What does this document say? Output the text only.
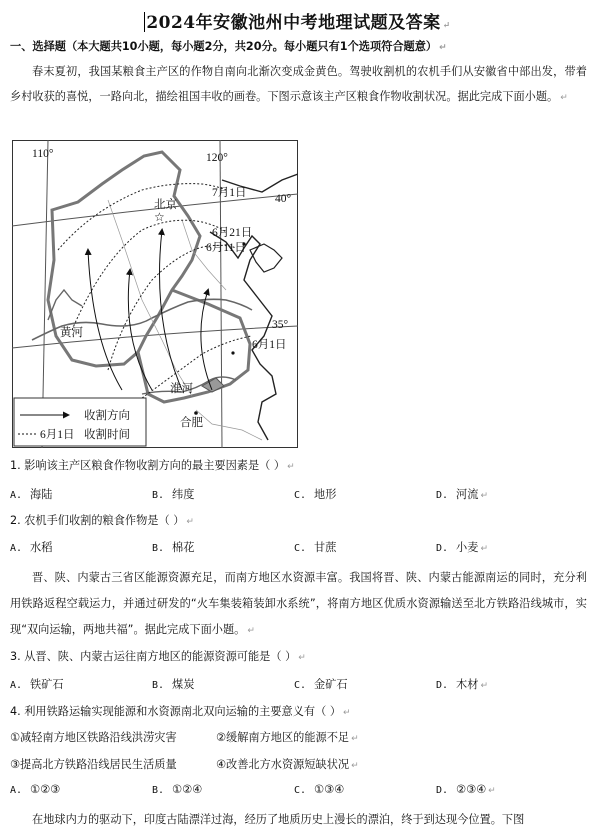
2024年安徽池州中考地理试题及答案 ↵
一、选择题（本大题共10小题，每小题2分，共20分。每小题只有1个选项符合题意） ↵
春末夏初，我国某粮食主产区的作物自南向北渐次变成金黄色。驾驶收割机的农机手们从安徽省中部出发，带着乡村收获的喜悦，一路向北，描绘祖国丰收的画卷。下图示意该主产区粮食作物收割状况。据此完成下面小题。 ↵
☆
110°	120°
40°
35°
北京
合肥
黄河
淮河
7月1日
6月21日
6月11日
6月1日
收割方向
6月1日 收割时间
1. 影响该主产区粮食作物收割方向的最主要因素是（ ） ↵
A. 海陆	B. 纬度	C. 地形	D. 河流 ↵
2. 农机手们收割的粮食作物是（ ） ↵
A. 水稻	B. 棉花	C. 甘蔗	D. 小麦 ↵
晋、陕、内蒙古三省区能源资源充足，而南方地区水资源丰富。我国将晋、陕、内蒙古能源南运的同时，充分利用铁路返程空载运力，并通过研发的“火车集装箱装卸水系统”，将南方地区优质水资源输送至北方铁路沿线城市，实现“双向运输，两地共福”。据此完成下面小题。 ↵
3. 从晋、陕、内蒙古运往南方地区的能源资源可能是（ ） ↵
A. 铁矿石	B. 煤炭	C. 金矿石	D. 木材 ↵
4. 利用铁路运输实现能源和水资源南北双向运输的主要意义有（ ） ↵
①减轻南方地区铁路沿线洪涝灾害	②缓解南方地区的能源不足 ↵
③提高北方铁路沿线居民生活质量	④改善北方水资源短缺状况 ↵
A. ①②③	B. ①②④	C. ①③④	D. ②③④ ↵
在地球内力的驱动下，印度古陆漂洋过海，经历了地质历史上漫长的漂泊，终于到达现今位置。下图
